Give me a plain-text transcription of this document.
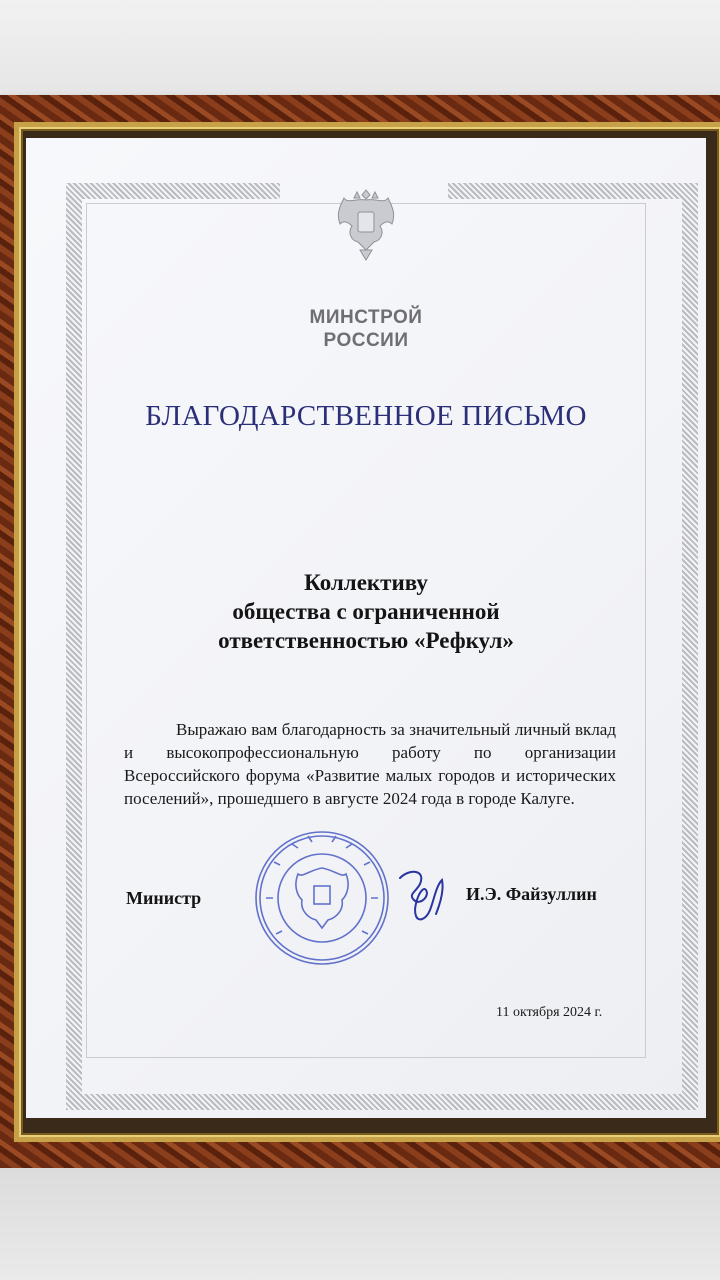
МИНСТРОЙ
РОССИИ
БЛАГОДАРСТВЕННОЕ ПИСЬМО
Коллективу
общества с ограниченной
ответственностью «Рефкул»
Выражаю вам благодарность за значительный личный вклад и высокопрофессиональную работу по организации Всероссийского форума «Развитие малых городов и исторических поселений», прошедшего в августе 2024 года в городе Калуге.
Министр	И.Э. Файзуллин
11 октября 2024 г.
